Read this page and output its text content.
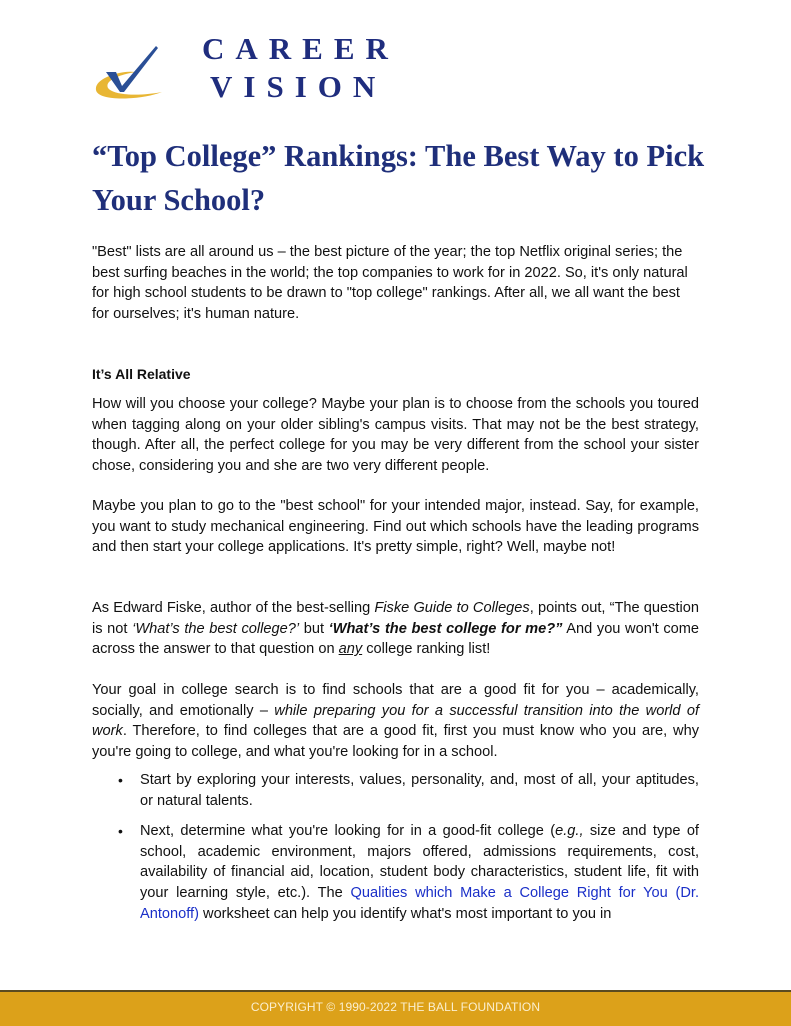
CAREER
VISION
“Top College” Rankings: The Best Way to Pick Your School?

"Best" lists are all around us – the best picture of the year; the top Netflix original series; the best surfing beaches in the world; the top companies to work for in 2022. So, it's only natural for high school students to be drawn to "top college" rankings. After all, we all want the best for ourselves; it's human nature.

It’s All Relative

How will you choose your college? Maybe your plan is to choose from the schools you toured when tagging along on your older sibling's campus visits. That may not be the best strategy, though. After all, the perfect college for you may be very different from the school your sister chose, considering you and she are two very different people.

Maybe you plan to go to the "best school" for your intended major, instead. Say, for example, you want to study mechanical engineering. Find out which schools have the leading programs and then start your college applications. It's pretty simple, right? Well, maybe not!

As Edward Fiske, author of the best-selling Fiske Guide to Colleges, points out, “The question is not ‘What’s the best college?’ but ‘What’s the best college for me?” And you won't come across the answer to that question on any college ranking list!

Your goal in college search is to find schools that are a good fit for you – academically, socially, and emotionally – while preparing you for a successful transition into the world of work. Therefore, to find colleges that are a good fit, first you must know who you are, why you're going to college, and what you're looking for in a school.

• Start by exploring your interests, values, personality, and, most of all, your aptitudes, or natural talents.
• Next, determine what you're looking for in a good-fit college (e.g., size and type of school, academic environment, majors offered, admissions requirements, cost, availability of financial aid, location, student body characteristics, student life, fit with your learning style, etc.). The Qualities which Make a College Right for You (Dr. Antonoff) worksheet can help you identify what's most important to you in
COPYRIGHT © 1990-2022 THE BALL FOUNDATION
